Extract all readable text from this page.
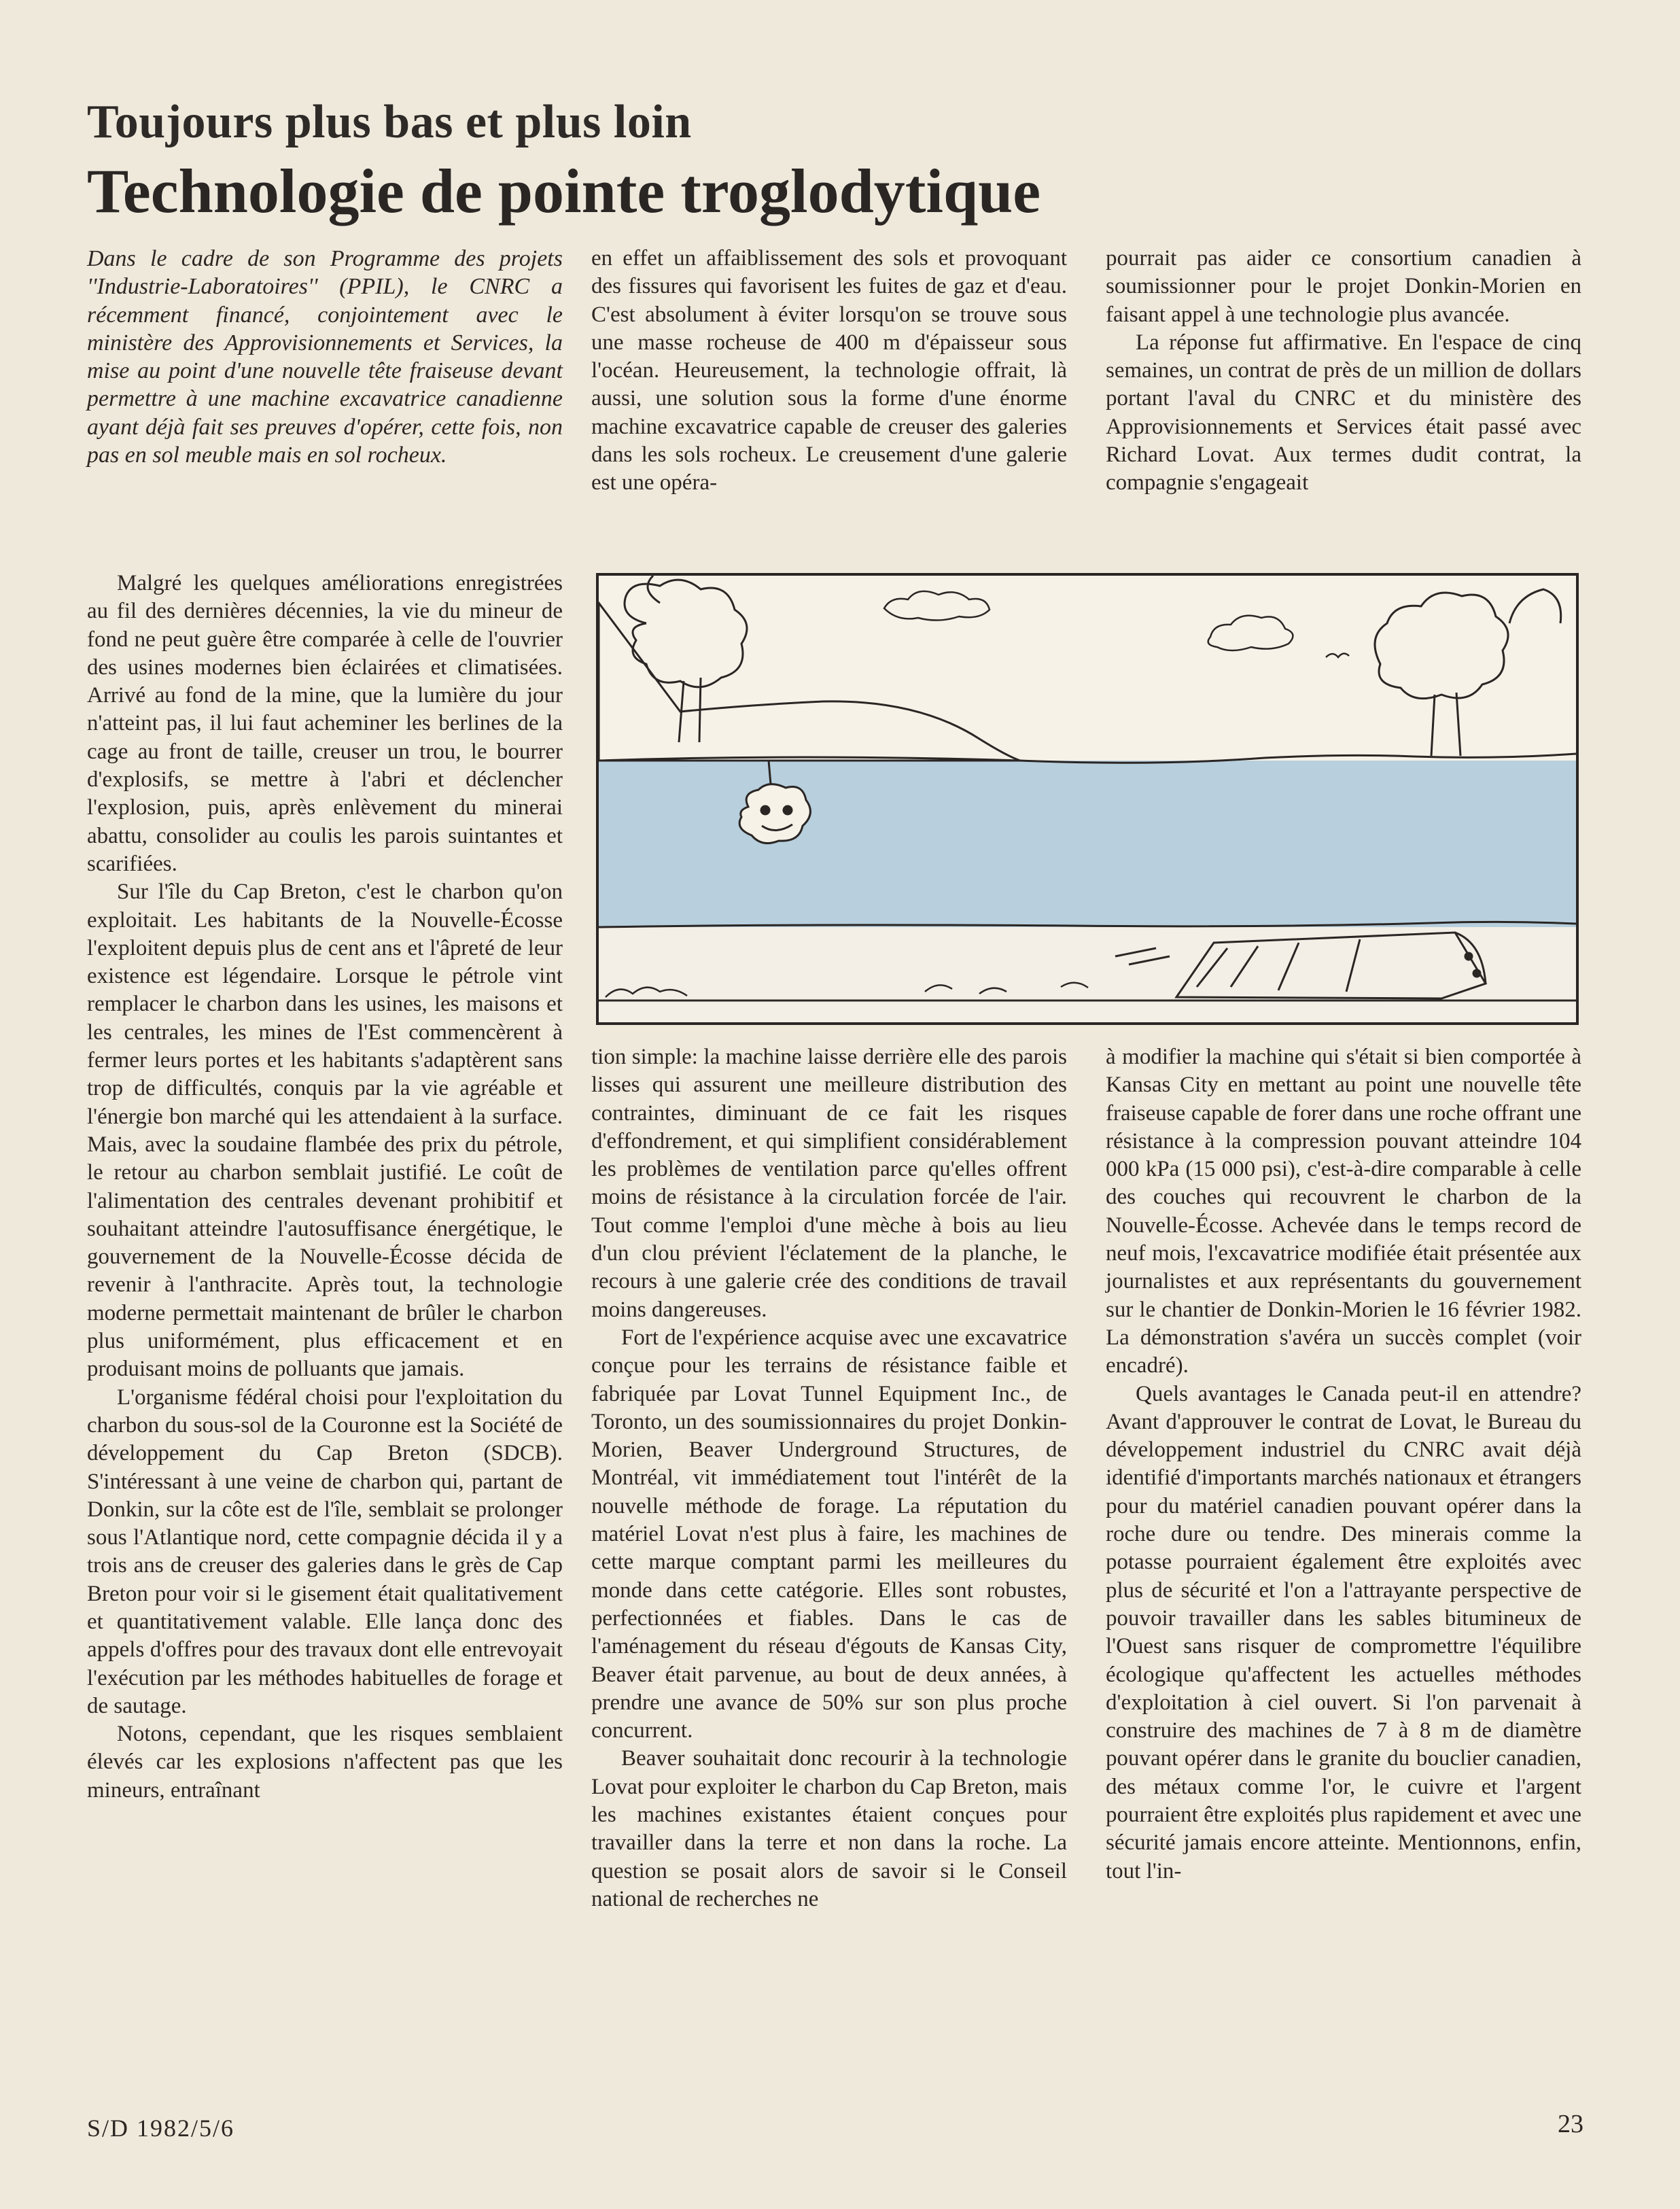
Toujours plus bas et plus loin
Technologie de pointe troglodytique
Dans le cadre de son Programme des projets ''Industrie-Laboratoires'' (PPIL), le CNRC a récemment financé, conjointement avec le ministère des Approvisionnements et Services, la mise au point d'une nouvelle tête fraiseuse devant permettre à une machine excavatrice canadienne ayant déjà fait ses preuves d'opérer, cette fois, non pas en sol meuble mais en sol rocheux.

Malgré les quelques améliorations enregistrées au fil des dernières décennies, la vie du mineur de fond ne peut guère être comparée à celle de l'ouvrier des usines modernes bien éclairées et climatisées. Arrivé au fond de la mine, que la lumière du jour n'atteint pas, il lui faut acheminer les berlines de la cage au front de taille, creuser un trou, le bourrer d'explosifs, se mettre à l'abri et déclencher l'explosion, puis, après enlèvement du minerai abattu, consolider au coulis les parois suintantes et scarifiées.

Sur l'île du Cap Breton, c'est le charbon qu'on exploitait. Les habitants de la Nouvelle-Écosse l'exploitent depuis plus de cent ans et l'âpreté de leur existence est légendaire. Lorsque le pétrole vint remplacer le charbon dans les usines, les maisons et les centrales, les mines de l'Est commencèrent à fermer leurs portes et les habitants s'adaptèrent sans trop de difficultés, conquis par la vie agréable et l'énergie bon marché qui les attendaient à la surface. Mais, avec la soudaine flambée des prix du pétrole, le retour au charbon semblait justifié. Le coût de l'alimentation des centrales devenant prohibitif et souhaitant atteindre l'autosuffisance énergétique, le gouvernement de la Nouvelle-Écosse décida de revenir à l'anthracite. Après tout, la technologie moderne permettait maintenant de brûler le charbon plus uniformément, plus efficacement et en produisant moins de polluants que jamais.

L'organisme fédéral choisi pour l'exploitation du charbon du sous-sol de la Couronne est la Société de développement du Cap Breton (SDCB). S'intéressant à une veine de charbon qui, partant de Donkin, sur la côte est de l'île, semblait se prolonger sous l'Atlantique nord, cette compagnie décida il y a trois ans de creuser des galeries dans le grès de Cap Breton pour voir si le gisement était qualitativement et quantitativement valable. Elle lança donc des appels d'offres pour des travaux dont elle entrevoyait l'exécution par les méthodes habituelles de forage et de sautage.

Notons, cependant, que les risques semblaient élevés car les explosions n'affectent pas que les mineurs, entraînant

en effet un affaiblissement des sols et provoquant des fissures qui favorisent les fuites de gaz et d'eau. C'est absolument à éviter lorsqu'on se trouve sous une masse rocheuse de 400 m d'épaisseur sous l'océan. Heureusement, la technologie offrait, là aussi, une solution sous la forme d'une énorme machine excavatrice capable de creuser des galeries dans les sols rocheux. Le creusement d'une galerie est une opéra-

pourrait pas aider ce consortium canadien à soumissionner pour le projet Donkin-Morien en faisant appel à une technologie plus avancée.

La réponse fut affirmative. En l'espace de cinq semaines, un contrat de près de un million de dollars portant l'aval du CNRC et du ministère des Approvisionnements et Services était passé avec Richard Lovat. Aux termes dudit contrat, la compagnie s'engageait

tion simple: la machine laisse derrière elle des parois lisses qui assurent une meilleure distribution des contraintes, diminuant de ce fait les risques d'effondrement, et qui simplifient considérablement les problèmes de ventilation parce qu'elles offrent moins de résistance à la circulation forcée de l'air. Tout comme l'emploi d'une mèche à bois au lieu d'un clou prévient l'éclatement de la planche, le recours à une galerie crée des conditions de travail moins dangereuses.

Fort de l'expérience acquise avec une excavatrice conçue pour les terrains de résistance faible et fabriquée par Lovat Tunnel Equipment Inc., de Toronto, un des soumissionnaires du projet Donkin-Morien, Beaver Underground Structures, de Montréal, vit immédiatement tout l'intérêt de la nouvelle méthode de forage. La réputation du matériel Lovat n'est plus à faire, les machines de cette marque comptant parmi les meilleures du monde dans cette catégorie. Elles sont robustes, perfectionnées et fiables. Dans le cas de l'aménagement du réseau d'égouts de Kansas City, Beaver était parvenue, au bout de deux années, à prendre une avance de 50% sur son plus proche concurrent.

Beaver souhaitait donc recourir à la technologie Lovat pour exploiter le charbon du Cap Breton, mais les machines existantes étaient conçues pour travailler dans la terre et non dans la roche. La question se posait alors de savoir si le Conseil national de recherches ne

à modifier la machine qui s'était si bien comportée à Kansas City en mettant au point une nouvelle tête fraiseuse capable de forer dans une roche offrant une résistance à la compression pouvant atteindre 104 000 kPa (15 000 psi), c'est-à-dire comparable à celle des couches qui recouvrent le charbon de la Nouvelle-Écosse. Achevée dans le temps record de neuf mois, l'excavatrice modifiée était présentée aux journalistes et aux représentants du gouvernement sur le chantier de Donkin-Morien le 16 février 1982. La démonstration s'avéra un succès complet (voir encadré).

Quels avantages le Canada peut-il en attendre? Avant d'approuver le contrat de Lovat, le Bureau du développement industriel du CNRC avait déjà identifié d'importants marchés nationaux et étrangers pour du matériel canadien pouvant opérer dans la roche dure ou tendre. Des minerais comme la potasse pourraient également être exploités avec plus de sécurité et l'on a l'attrayante perspective de pouvoir travailler dans les sables bitumineux de l'Ouest sans risquer de compromettre l'équilibre écologique qu'affectent les actuelles méthodes d'exploitation à ciel ouvert. Si l'on parvenait à construire des machines de 7 à 8 m de diamètre pouvant opérer dans le granite du bouclier canadien, des métaux comme l'or, le cuivre et l'argent pourraient être exploités plus rapidement et avec une sécurité jamais encore atteinte. Mentionnons, enfin, tout l'in-

S/D 1982/5/6	23
